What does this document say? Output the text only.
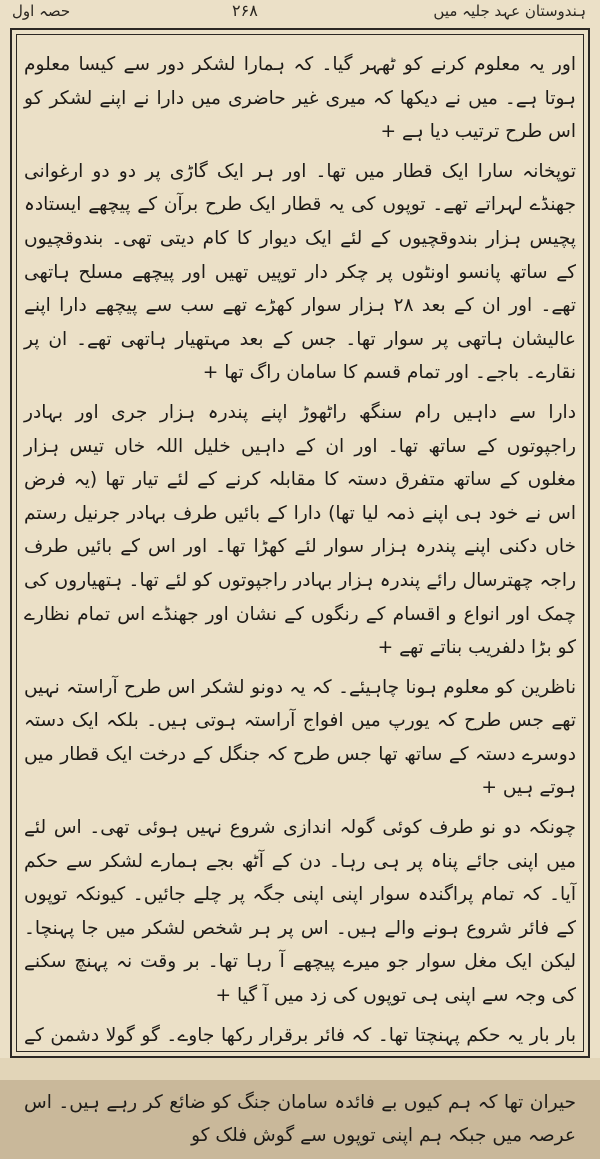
حصہ اول	۲۶۸	ہندوستان عہد جلیہ میں

اور یہ معلوم کرنے کو ٹھہر گیا۔ کہ ہمارا لشکر دور سے کیسا معلوم ہوتا ہے۔ میں نے دیکھا کہ میری غیر حاضری میں دارا نے اپنے لشکر کو اس طرح ترتیب دیا ہے +

توپخانہ سارا ایک قطار میں تھا۔ اور ہر ایک گاڑی پر دو دو ارغوانی جھنڈے لہراتے تھے۔ توپوں کی یہ قطار ایک طرح برآن کے پیچھے ایستادہ پچیس ہزار بندوقچیوں کے لئے ایک دیوار کا کام دیتی تھی۔ بندوقچیوں کے ساتھ پانسو اونٹوں پر چکر دار توپیں تھیں اور پیچھے مسلح ہاتھی تھے۔ اور ان کے بعد ۲۸ ہزار سوار کھڑے تھے سب سے پیچھے دارا اپنے عالیشان ہاتھی پر سوار تھا۔ جس کے بعد مہتھیار ہاتھی تھے۔ ان پر نقارے۔ باجے۔ اور تمام قسم کا سامان راگ تھا +

دارا سے داہیں رام سنگھ راٹھوڑ اپنے پندرہ ہزار جری اور بہادر راجپوتوں کے ساتھ تھا۔ اور ان کے داہیں خلیل اللہ خاں تیس ہزار مغلوں کے ساتھ متفرق دستہ کا مقابلہ کرنے کے لئے تیار تھا (یہ فرض اس نے خود ہی اپنے ذمہ لیا تھا) دارا کے بائیں طرف بہادر جرنیل رستم خاں دکنی اپنے پندرہ ہزار سوار لئے کھڑا تھا۔ اور اس کے بائیں طرف راجہ چھترسال رائے پندرہ ہزار بہادر راجپوتوں کو لئے تھا۔ ہتھیاروں کی چمک اور انواع و اقسام کے رنگوں کے نشان اور جھنڈے اس تمام نظارے کو بڑا دلفریب بناتے تھے +

ناظرین کو معلوم ہونا چاہیئے۔ کہ یہ دونو لشکر اس طرح آراستہ نہیں تھے جس طرح کہ یورپ میں افواج آراستہ ہوتی ہیں۔ بلکہ ایک دستہ دوسرے دستہ کے ساتھ تھا جس طرح کہ جنگل کے درخت ایک قطار میں ہوتے ہیں +

چونکہ دو نو طرف کوئی گولہ اندازی شروع نہیں ہوئی تھی۔ اس لئے میں اپنی جائے پناہ پر ہی رہا۔ دن کے آٹھ بجے ہمارے لشکر سے حکم آیا۔ کہ تمام پراگندہ سوار اپنی اپنی جگہ پر چلے جائیں۔ کیونکہ توپوں کے فائر شروع ہونے والے ہیں۔ اس پر ہر شخص لشکر میں جا پہنچا۔ لیکن ایک مغل سوار جو میرے پیچھے آ رہا تھا۔ بر وقت نہ پہنچ سکنے کی وجہ سے اپنی ہی توپوں کی زد میں آ گیا +

بار بار یہ حکم پہنچتا تھا۔ کہ فائر برقرار رکھا جاوے۔ گو گولا دشمن کے حیران تھا کہ ہم کیوں بے فائدہ سامان جنگ کو ضائع کر رہے ہیں۔ اس عرصہ میں جبکہ ہم اپنی توپوں سے گوش فلک کو
